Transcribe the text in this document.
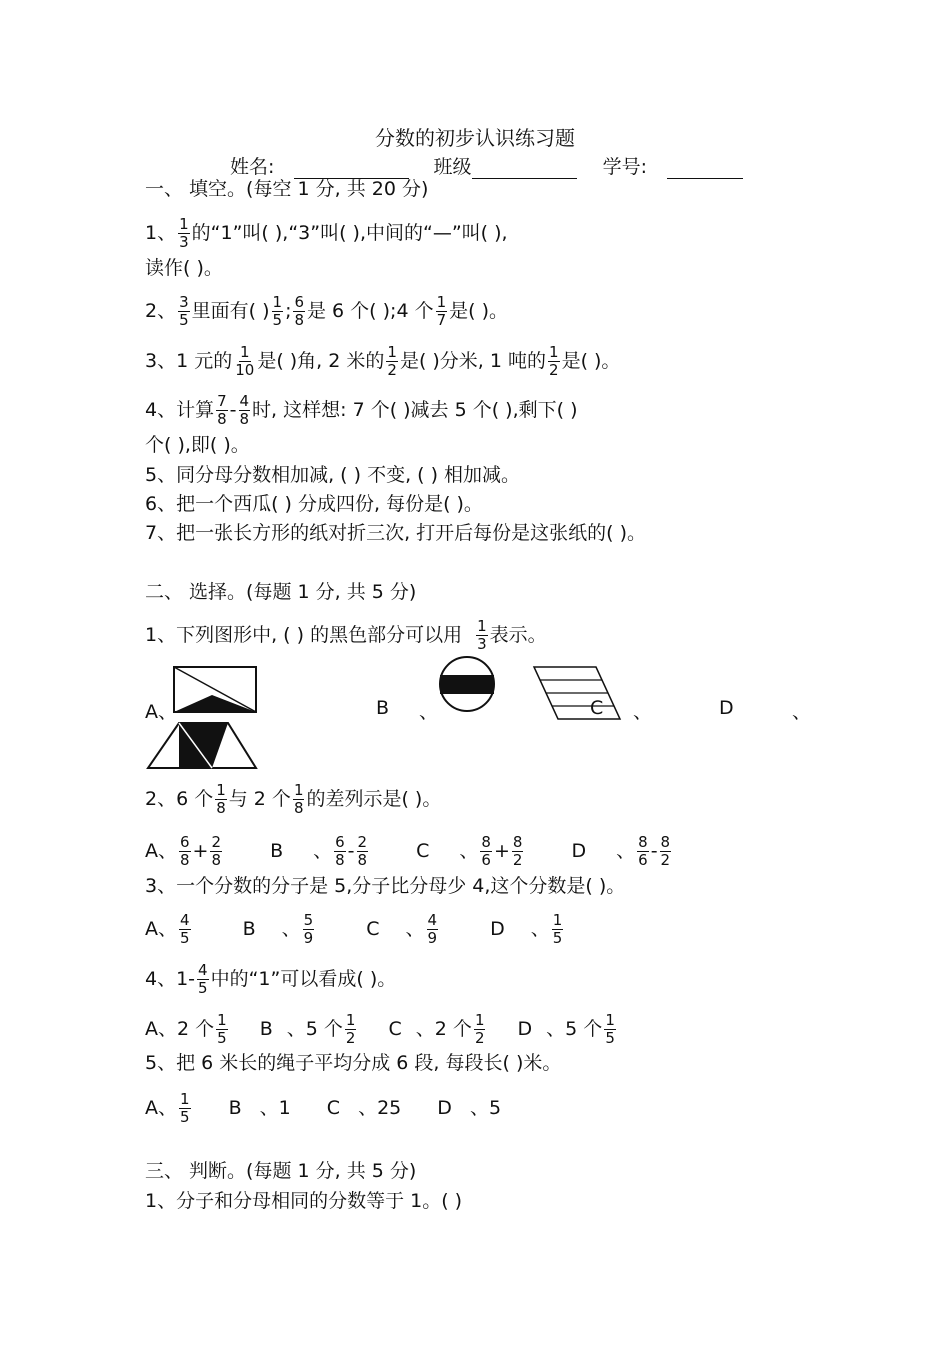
分数的初步认识练习题
姓名:	班级	学号:
一、 填空。(每空 1 分, 共 20 分)
1、 $\frac{1}{3}$ 的“1”叫( ),“3”叫( ),中间的“—”叫( ),
读作( )。
2、 $\frac{3}{5}$ 里面有( ) $\frac{1}{5}$ ; $\frac{6}{8}$ 是 6 个( );4 个 $\frac{1}{7}$ 是( )。
3、1 元的 $\frac{1}{10}$ 是( )角, 2 米的 $\frac{1}{2}$ 是( )分米, 1 吨的 $\frac{1}{2}$ 是( )。
4、计算 $\frac{7}{8} - \frac{4}{8}$ 时, 这样想: 7 个( )减去 5 个( ),剩下( )
个( ),即( )。
5、同分母分数相加减, ( ) 不变, ( ) 相加减。
6、把一个西瓜( ) 分成四份, 每份是( )。
7、把一张长方形的纸对折三次, 打开后每份是这张纸的( )。
二、 选择。(每题 1 分, 共 5 分)
1、下列图形中, ( ) 的黑色部分可以用 $\frac{1}{3}$ 表示。
A、	B 、	C 、	D	、
2、6 个 $\frac{1}{8}$ 与 2 个 $\frac{1}{8}$ 的差列示是( )。
A、 $\frac{6}{8} + \frac{2}{8}$	B 、 $\frac{6}{8} - \frac{2}{8}$	C 、 $\frac{8}{6} + \frac{8}{2}$	D 、 $\frac{8}{6} - \frac{8}{2}$
3、一个分数的分子是 5,分子比分母少 4,这个分数是( )。
A、 $\frac{4}{5}$	B 、 $\frac{5}{9}$	C 、 $\frac{4}{9}$	D 、 $\frac{1}{5}$
4、$1- \frac{4}{5}$ 中的“1”可以看成( )。
A、2 个 $\frac{1}{5}$ B 、5 个 $\frac{1}{2}$ C 、2 个 $\frac{1}{2}$ D 、5 个 $\frac{1}{5}$
5、把 6 米长的绳子平均分成 6 段, 每段长( )米。
A、 $\frac{1}{5}$ B 、1 C 、25 D 、5
三、 判断。(每题 1 分, 共 5 分)
1、分子和分母相同的分数等于 1。( )
